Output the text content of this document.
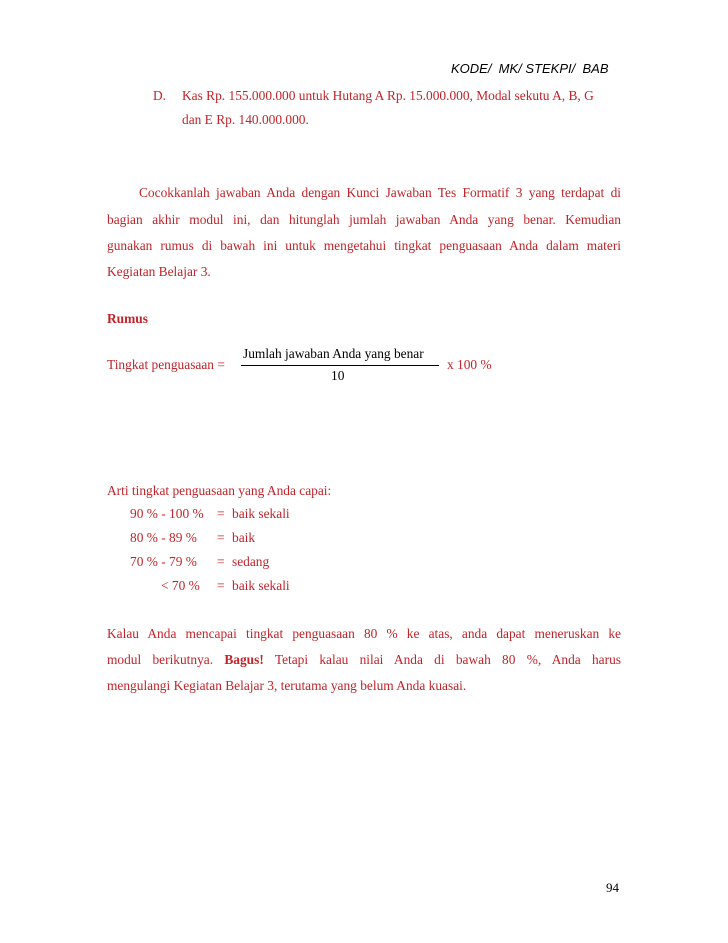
KODE/  MK/ STEKPI/  BAB
D. Kas Rp. 155.000.000 untuk Hutang A Rp. 15.000.000, Modal sekutu A, B, G
dan E Rp. 140.000.000.
Cocokkanlah jawaban Anda dengan Kunci Jawaban Tes Formatif 3 yang terdapat di
bagian  akhir  modul  ini,  dan  hitunglah  jumlah  jawaban  Anda  yang  benar.  Kemudian
gunakan  rumus  di  bawah  ini  untuk  mengetahui  tingkat  penguasaan  Anda  dalam  materi
Kegiatan Belajar 3.
Rumus
Tingkat penguasaan =
Jumlah jawaban Anda yang benar
10
x 100 %
Arti tingkat penguasaan yang Anda capai:
90 % - 100 % = baik sekali
80 % - 89 % = baik
70 % - 79 % = sedang
< 70 % = baik sekali
Kalau  Anda  mencapai  tingkat  penguasaan  80  %  ke  atas,  anda  dapat  meneruskan  ke
modul  berikutnya. Bagus! Tetapi  kalau  nilai  Anda  di  bawah  80  %,  Anda  harus
mengulangi Kegiatan Belajar 3, terutama yang belum Anda kuasai.
94
